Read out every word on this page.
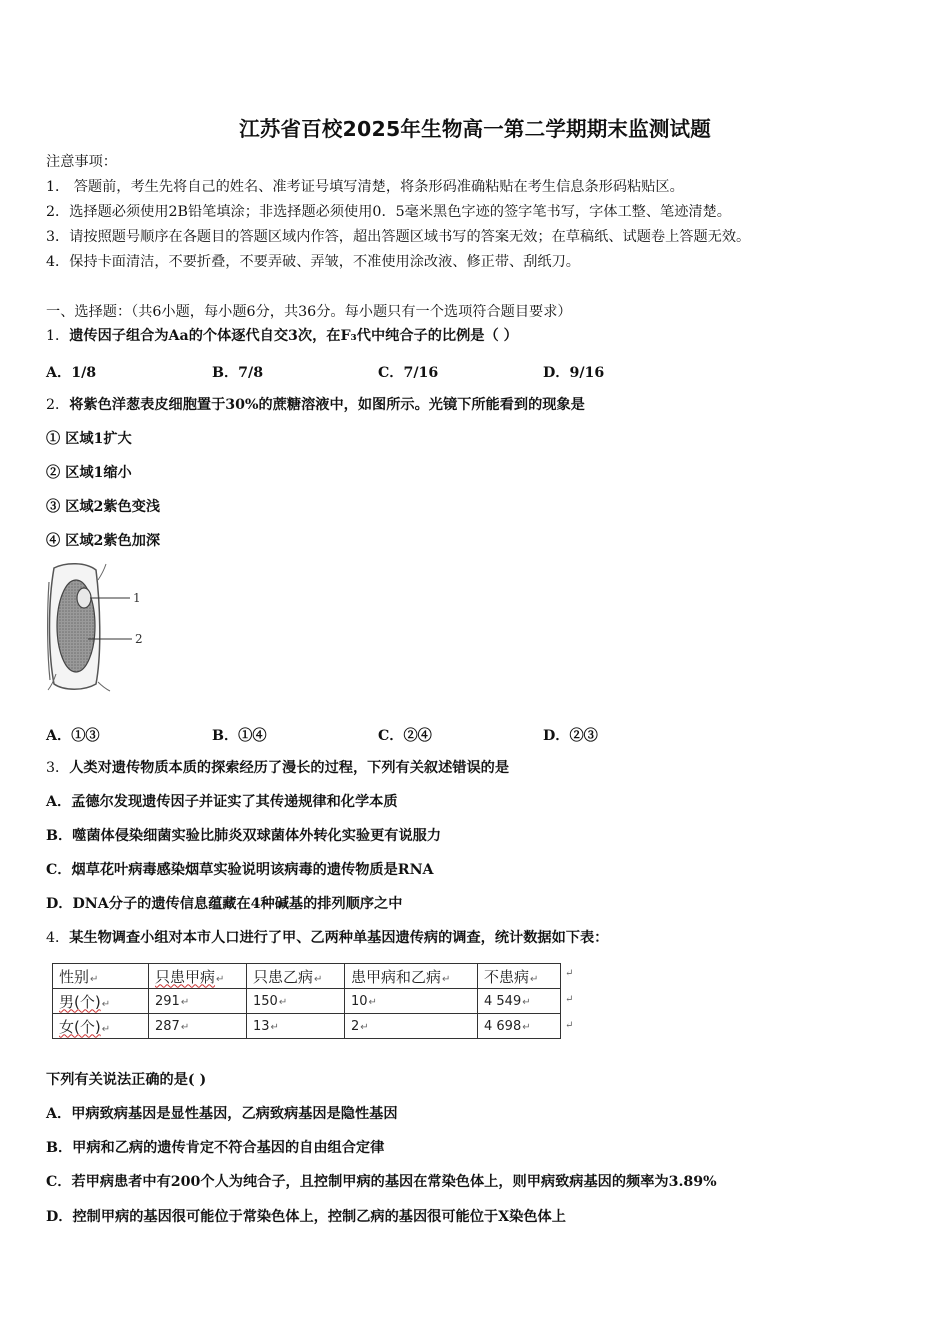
江苏省百校2025年生物高一第二学期期末监测试题
注意事项：
1． 答题前，考生先将自己的姓名、准考证号填写清楚，将条形码准确粘贴在考生信息条形码粘贴区。
2．选择题必须使用2B铅笔填涂；非选择题必须使用0．5毫米黑色字迹的签字笔书写，字体工整、笔迹清楚。
3．请按照题号顺序在各题目的答题区域内作答，超出答题区域书写的答案无效；在草稿纸、试题卷上答题无效。
4．保持卡面清洁，不要折叠，不要弄破、弄皱，不准使用涂改液、修正带、刮纸刀。
一、选择题：（共6小题，每小题6分，共36分。每小题只有一个选项符合题目要求）
1．遗传因子组合为Aa的个体逐代自交3次，在F₃代中纯合子的比例是（ ）
A．1/8	B．7/8	C．7/16	D．9/16
2．将紫色洋葱表皮细胞置于30%的蔗糖溶液中，如图所示。光镜下所能看到的现象是
① 区域1扩大
② 区域1缩小
③ 区域2紫色变浅
④ 区域2紫色加深
1
2
A．①③	B．①④	C．②④	D．②③
3．人类对遗传物质本质的探索经历了漫长的过程，下列有关叙述错误的是
A．孟德尔发现遗传因子并证实了其传递规律和化学本质
B．噬菌体侵染细菌实验比肺炎双球菌体外转化实验更有说服力
C．烟草花叶病毒感染烟草实验说明该病毒的遗传物质是RNA
D．DNA分子的遗传信息蕴藏在4种碱基的排列顺序之中
4．某生物调查小组对本市人口进行了甲、乙两种单基因遗传病的调查，统计数据如下表：
性别↵	只患甲病↵	只患乙病↵	患甲病和乙病↵	不患病↵
男(个)↵	291↵	150↵	10↵	4 549↵
女(个)↵	287↵	13↵	2↵	4 698↵
↵
↵
↵
下列有关说法正确的是( )
A．甲病致病基因是显性基因，乙病致病基因是隐性基因
B．甲病和乙病的遗传肯定不符合基因的自由组合定律
C．若甲病患者中有200个人为纯合子，且控制甲病的基因在常染色体上，则甲病致病基因的频率为3.89%
D．控制甲病的基因很可能位于常染色体上，控制乙病的基因很可能位于X染色体上
